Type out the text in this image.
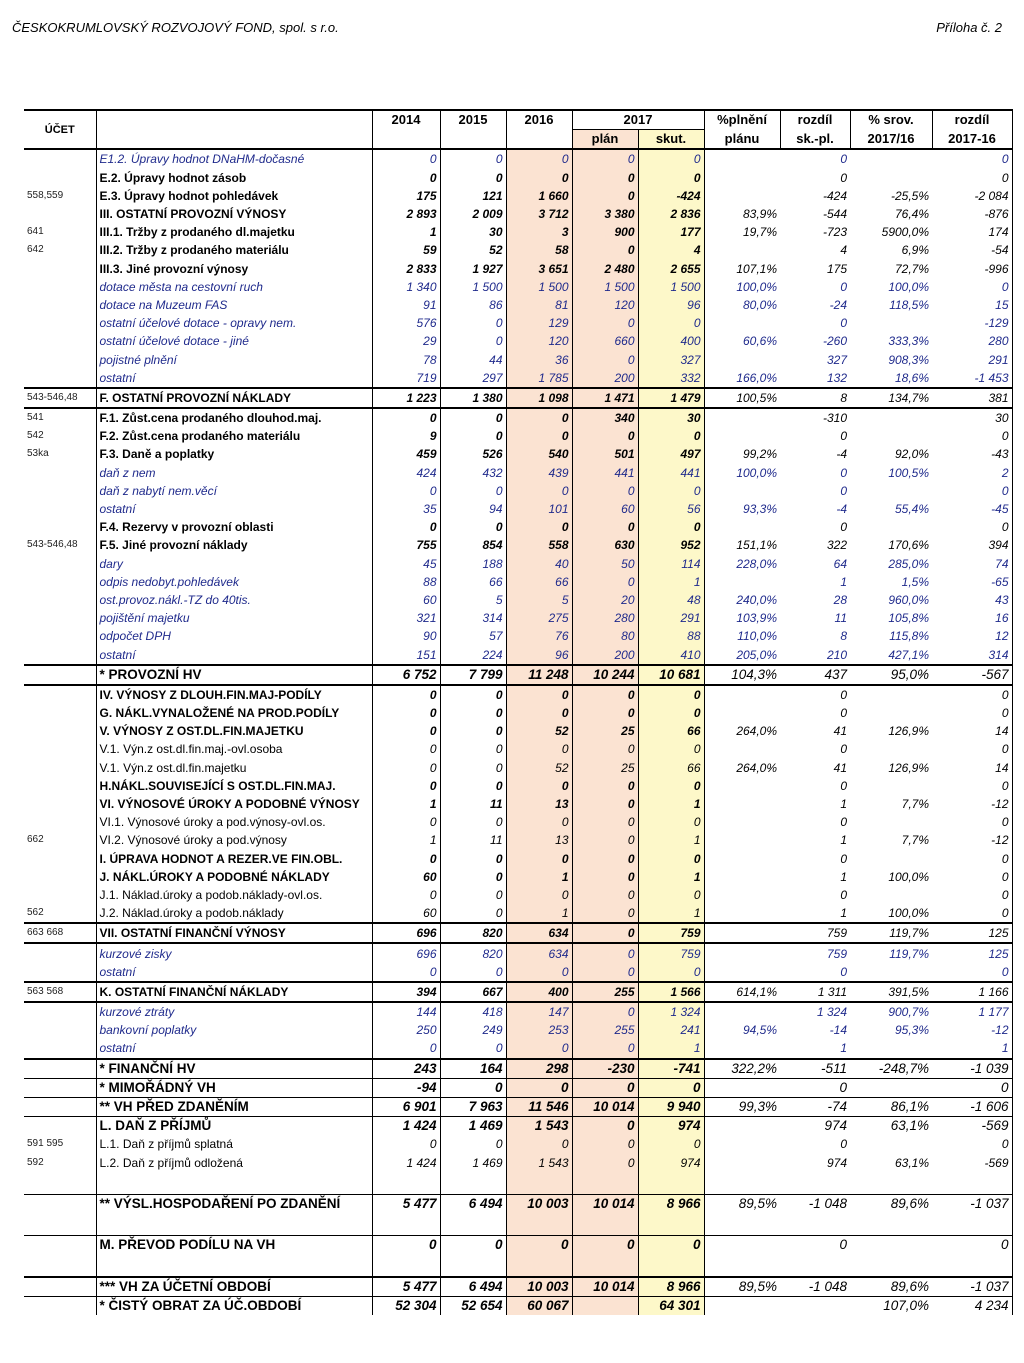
ČESKOKRUMLOVSKÝ ROZVOJOVÝ FOND, spol. s r.o.	Příloha č. 2
ÚČET		2014	2015	2016	2017		%plnění	rozdíl	% srov.	rozdíl
					plán	skut.	plánu	sk.-pl.	2017/16	2017-16
	E1.2. Úpravy hodnot DNaHM-dočasné	0	0	0	0	0		0		0
	E.2. Úpravy hodnot zásob	0	0	0	0	0		0		0
558,559	E.3. Úpravy hodnot pohledávek	175	121	1 660	0	-424		-424	-25,5%	-2 084
	III. OSTATNÍ PROVOZNÍ VÝNOSY	2 893	2 009	3 712	3 380	2 836	83,9%	-544	76,4%	-876
641	III.1. Tržby z prodaného dl.majetku	1	30	3	900	177	19,7%	-723	5900,0%	174
642	III.2. Tržby z prodaného materiálu	59	52	58	0	4		4	6,9%	-54
	III.3. Jiné provozní výnosy	2 833	1 927	3 651	2 480	2 655	107,1%	175	72,7%	-996
	dotace města na cestovní ruch	1 340	1 500	1 500	1 500	1 500	100,0%	0	100,0%	0
	dotace na Muzeum FAS	91	86	81	120	96	80,0%	-24	118,5%	15
	ostatní účelové dotace - opravy nem.	576	0	129	0	0		0		-129
	ostatní účelové dotace - jiné	29	0	120	660	400	60,6%	-260	333,3%	280
	pojistné plnění	78	44	36	0	327		327	908,3%	291
	ostatní	719	297	1 785	200	332	166,0%	132	18,6%	-1 453
543-546,48	F. OSTATNÍ PROVOZNÍ NÁKLADY	1 223	1 380	1 098	1 471	1 479	100,5%	8	134,7%	381
541	F.1. Zůst.cena prodaného dlouhod.maj.	0	0	0	340	30		-310		30
542	F.2. Zůst.cena prodaného materiálu	9	0	0	0	0		0		0
53ka	F.3. Daně a poplatky	459	526	540	501	497	99,2%	-4	92,0%	-43
	daň z nem	424	432	439	441	441	100,0%	0	100,5%	2
	daň z nabytí nem.věcí	0	0	0	0	0		0		0
	ostatní	35	94	101	60	56	93,3%	-4	55,4%	-45
	F.4. Rezervy v provozní oblasti	0	0	0	0	0		0		0
543-546,48	F.5. Jiné provozní náklady	755	854	558	630	952	151,1%	322	170,6%	394
	dary	45	188	40	50	114	228,0%	64	285,0%	74
	odpis nedobyt.pohledávek	88	66	66	0	1		1	1,5%	-65
	ost.provoz.nákl.-TZ do 40tis.	60	5	5	20	48	240,0%	28	960,0%	43
	pojištění majetku	321	314	275	280	291	103,9%	11	105,8%	16
	odpočet DPH	90	57	76	80	88	110,0%	8	115,8%	12
	ostatní	151	224	96	200	410	205,0%	210	427,1%	314
	* PROVOZNÍ HV	6 752	7 799	11 248	10 244	10 681	104,3%	437	95,0%	-567
	IV. VÝNOSY Z DLOUH.FIN.MAJ-PODÍLY	0	0	0	0	0		0		0
	G. NÁKL.VYNALOŽENÉ NA PROD.PODÍLY	0	0	0	0	0		0		0
	V. VÝNOSY Z OST.DL.FIN.MAJETKU	0	0	52	25	66	264,0%	41	126,9%	14
	V.1. Výn.z ost.dl.fin.maj.-ovl.osoba	0	0	0	0	0		0		0
	V.1. Výn.z ost.dl.fin.majetku	0	0	52	25	66	264,0%	41	126,9%	14
	H.NÁKL.SOUVISEJÍCÍ S OST.DL.FIN.MAJ.	0	0	0	0	0		0		0
	VI. VÝNOSOVÉ ÚROKY A PODOBNÉ VÝNOSY	1	11	13	0	1		1	7,7%	-12
	VI.1. Výnosové úroky a pod.výnosy-ovl.os.	0	0	0	0	0		0		0
662	VI.2. Výnosové úroky a pod.výnosy	1	11	13	0	1		1	7,7%	-12
	I. ÚPRAVA HODNOT A REZER.VE FIN.OBL.	0	0	0	0	0		0		0
	J. NÁKL.ÚROKY A PODOBNÉ NÁKLADY	60	0	1	0	1		1	100,0%	0
	J.1. Náklad.úroky a podob.náklady-ovl.os.	0	0	0	0	0		0		0
562	J.2. Náklad.úroky a podob.náklady	60	0	1	0	1		1	100,0%	0
663 668	VII. OSTATNÍ FINANČNÍ VÝNOSY	696	820	634	0	759		759	119,7%	125
	kurzové zisky	696	820	634	0	759		759	119,7%	125
	ostatní	0	0	0	0	0		0		0
563 568	K. OSTATNÍ FINANČNÍ NÁKLADY	394	667	400	255	1 566	614,1%	1 311	391,5%	1 166
	kurzové ztráty	144	418	147	0	1 324		1 324	900,7%	1 177
	bankovní poplatky	250	249	253	255	241	94,5%	-14	95,3%	-12
	ostatní	0	0	0	0	1		1		1
	* FINANČNÍ HV	243	164	298	-230	-741	322,2%	-511	-248,7%	-1 039
	* MIMOŘÁDNÝ VH	-94	0	0	0	0		0		0
	** VH PŘED ZDANĚNÍM	6 901	7 963	11 546	10 014	9 940	99,3%	-74	86,1%	-1 606
	L. DAŇ Z PŘÍJMŮ	1 424	1 469	1 543	0	974		974	63,1%	-569
591 595	L.1. Daň z příjmů splatná	0	0	0	0	0		0		0
592	L.2. Daň z příjmů odložená	1 424	1 469	1 543	0	974		974	63,1%	-569

	** VÝSL.HOSPODAŘENÍ PO ZDANĚNÍ	5 477	6 494	10 003	10 014	8 966	89,5%	-1 048	89,6%	-1 037

	M. PŘEVOD PODÍLU NA VH	0	0	0	0	0		0		0

	*** VH ZA ÚČETNÍ OBDOBÍ	5 477	6 494	10 003	10 014	8 966	89,5%	-1 048	89,6%	-1 037
	* ČISTÝ OBRAT ZA ÚČ.OBDOBÍ	52 304	52 654	60 067		64 301			107,0%	4 234
